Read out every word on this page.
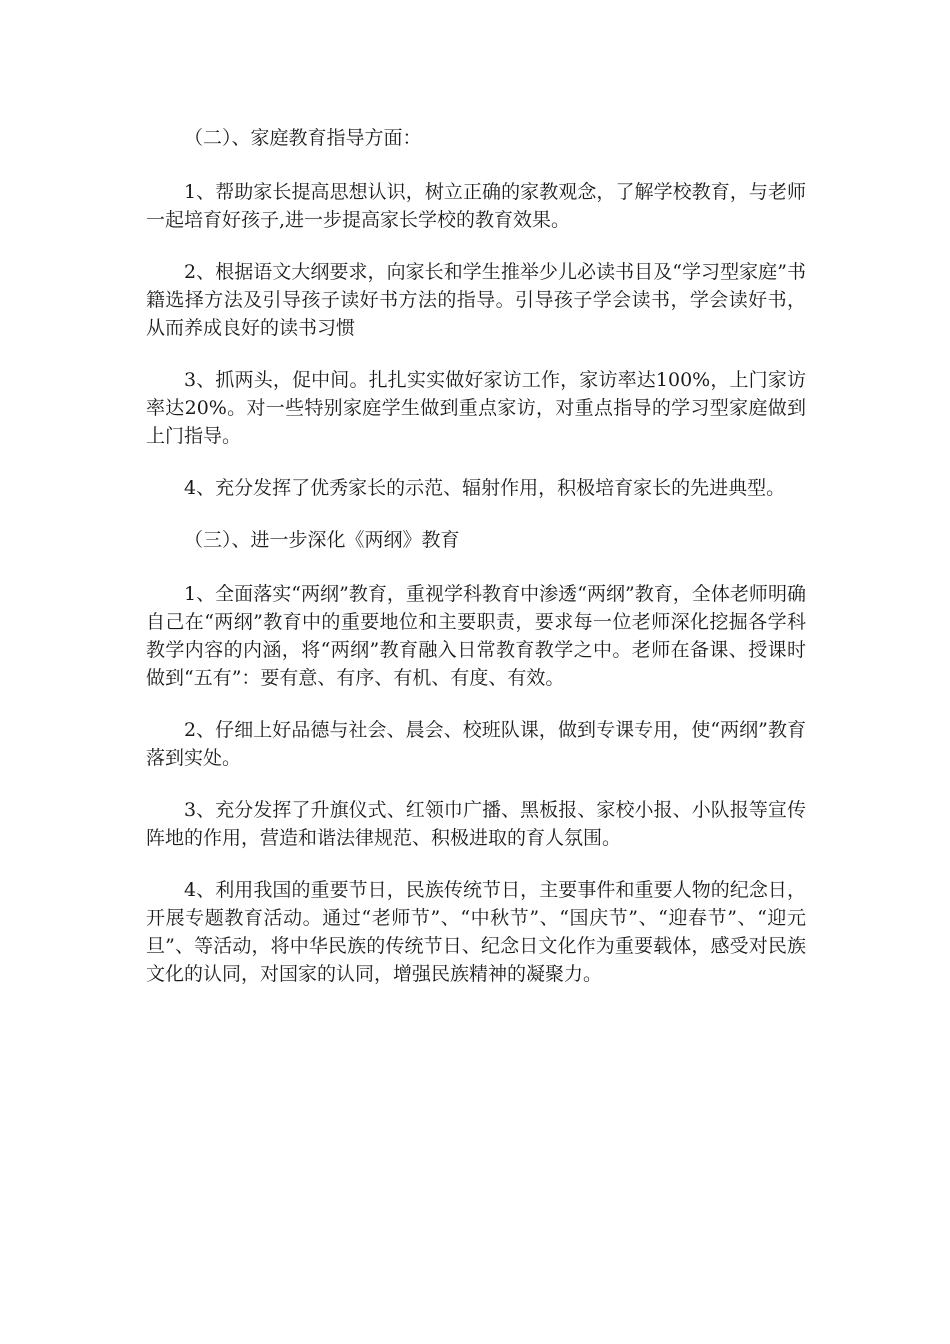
（二）、家庭教育指导方面：

1、帮助家长提高思想认识，树立正确的家教观念，了解学校教育，与老师一起培育好孩子,进一步提高家长学校的教育效果。

2、根据语文大纲要求，向家长和学生推举少儿必读书目及“学习型家庭”书籍选择方法及引导孩子读好书方法的指导。引导孩子学会读书，学会读好书，从而养成良好的读书习惯

3、抓两头，促中间。扎扎实实做好家访工作，家访率达100%，上门家访率达20%。对一些特别家庭学生做到重点家访，对重点指导的学习型家庭做到上门指导。

4、充分发挥了优秀家长的示范、辐射作用，积极培育家长的先进典型。

（三）、进一步深化《两纲》教育

1、全面落实“两纲”教育，重视学科教育中渗透“两纲”教育，全体老师明确自己在“两纲”教育中的重要地位和主要职责，要求每一位老师深化挖掘各学科教学内容的内涵，将“两纲”教育融入日常教育教学之中。老师在备课、授课时做到“五有”：要有意、有序、有机、有度、有效。

2、仔细上好品德与社会、晨会、校班队课，做到专课专用，使“两纲”教育落到实处。

3、充分发挥了升旗仪式、红领巾广播、黑板报、家校小报、小队报等宣传阵地的作用，营造和谐法律规范、积极进取的育人氛围。

4、利用我国的重要节日，民族传统节日，主要事件和重要人物的纪念日，开展专题教育活动。通过“老师节”、“中秋节”、“国庆节”、“迎春节”、“迎元旦”、等活动，将中华民族的传统节日、纪念日文化作为重要载体，感受对民族文化的认同，对国家的认同，增强民族精神的凝聚力。
